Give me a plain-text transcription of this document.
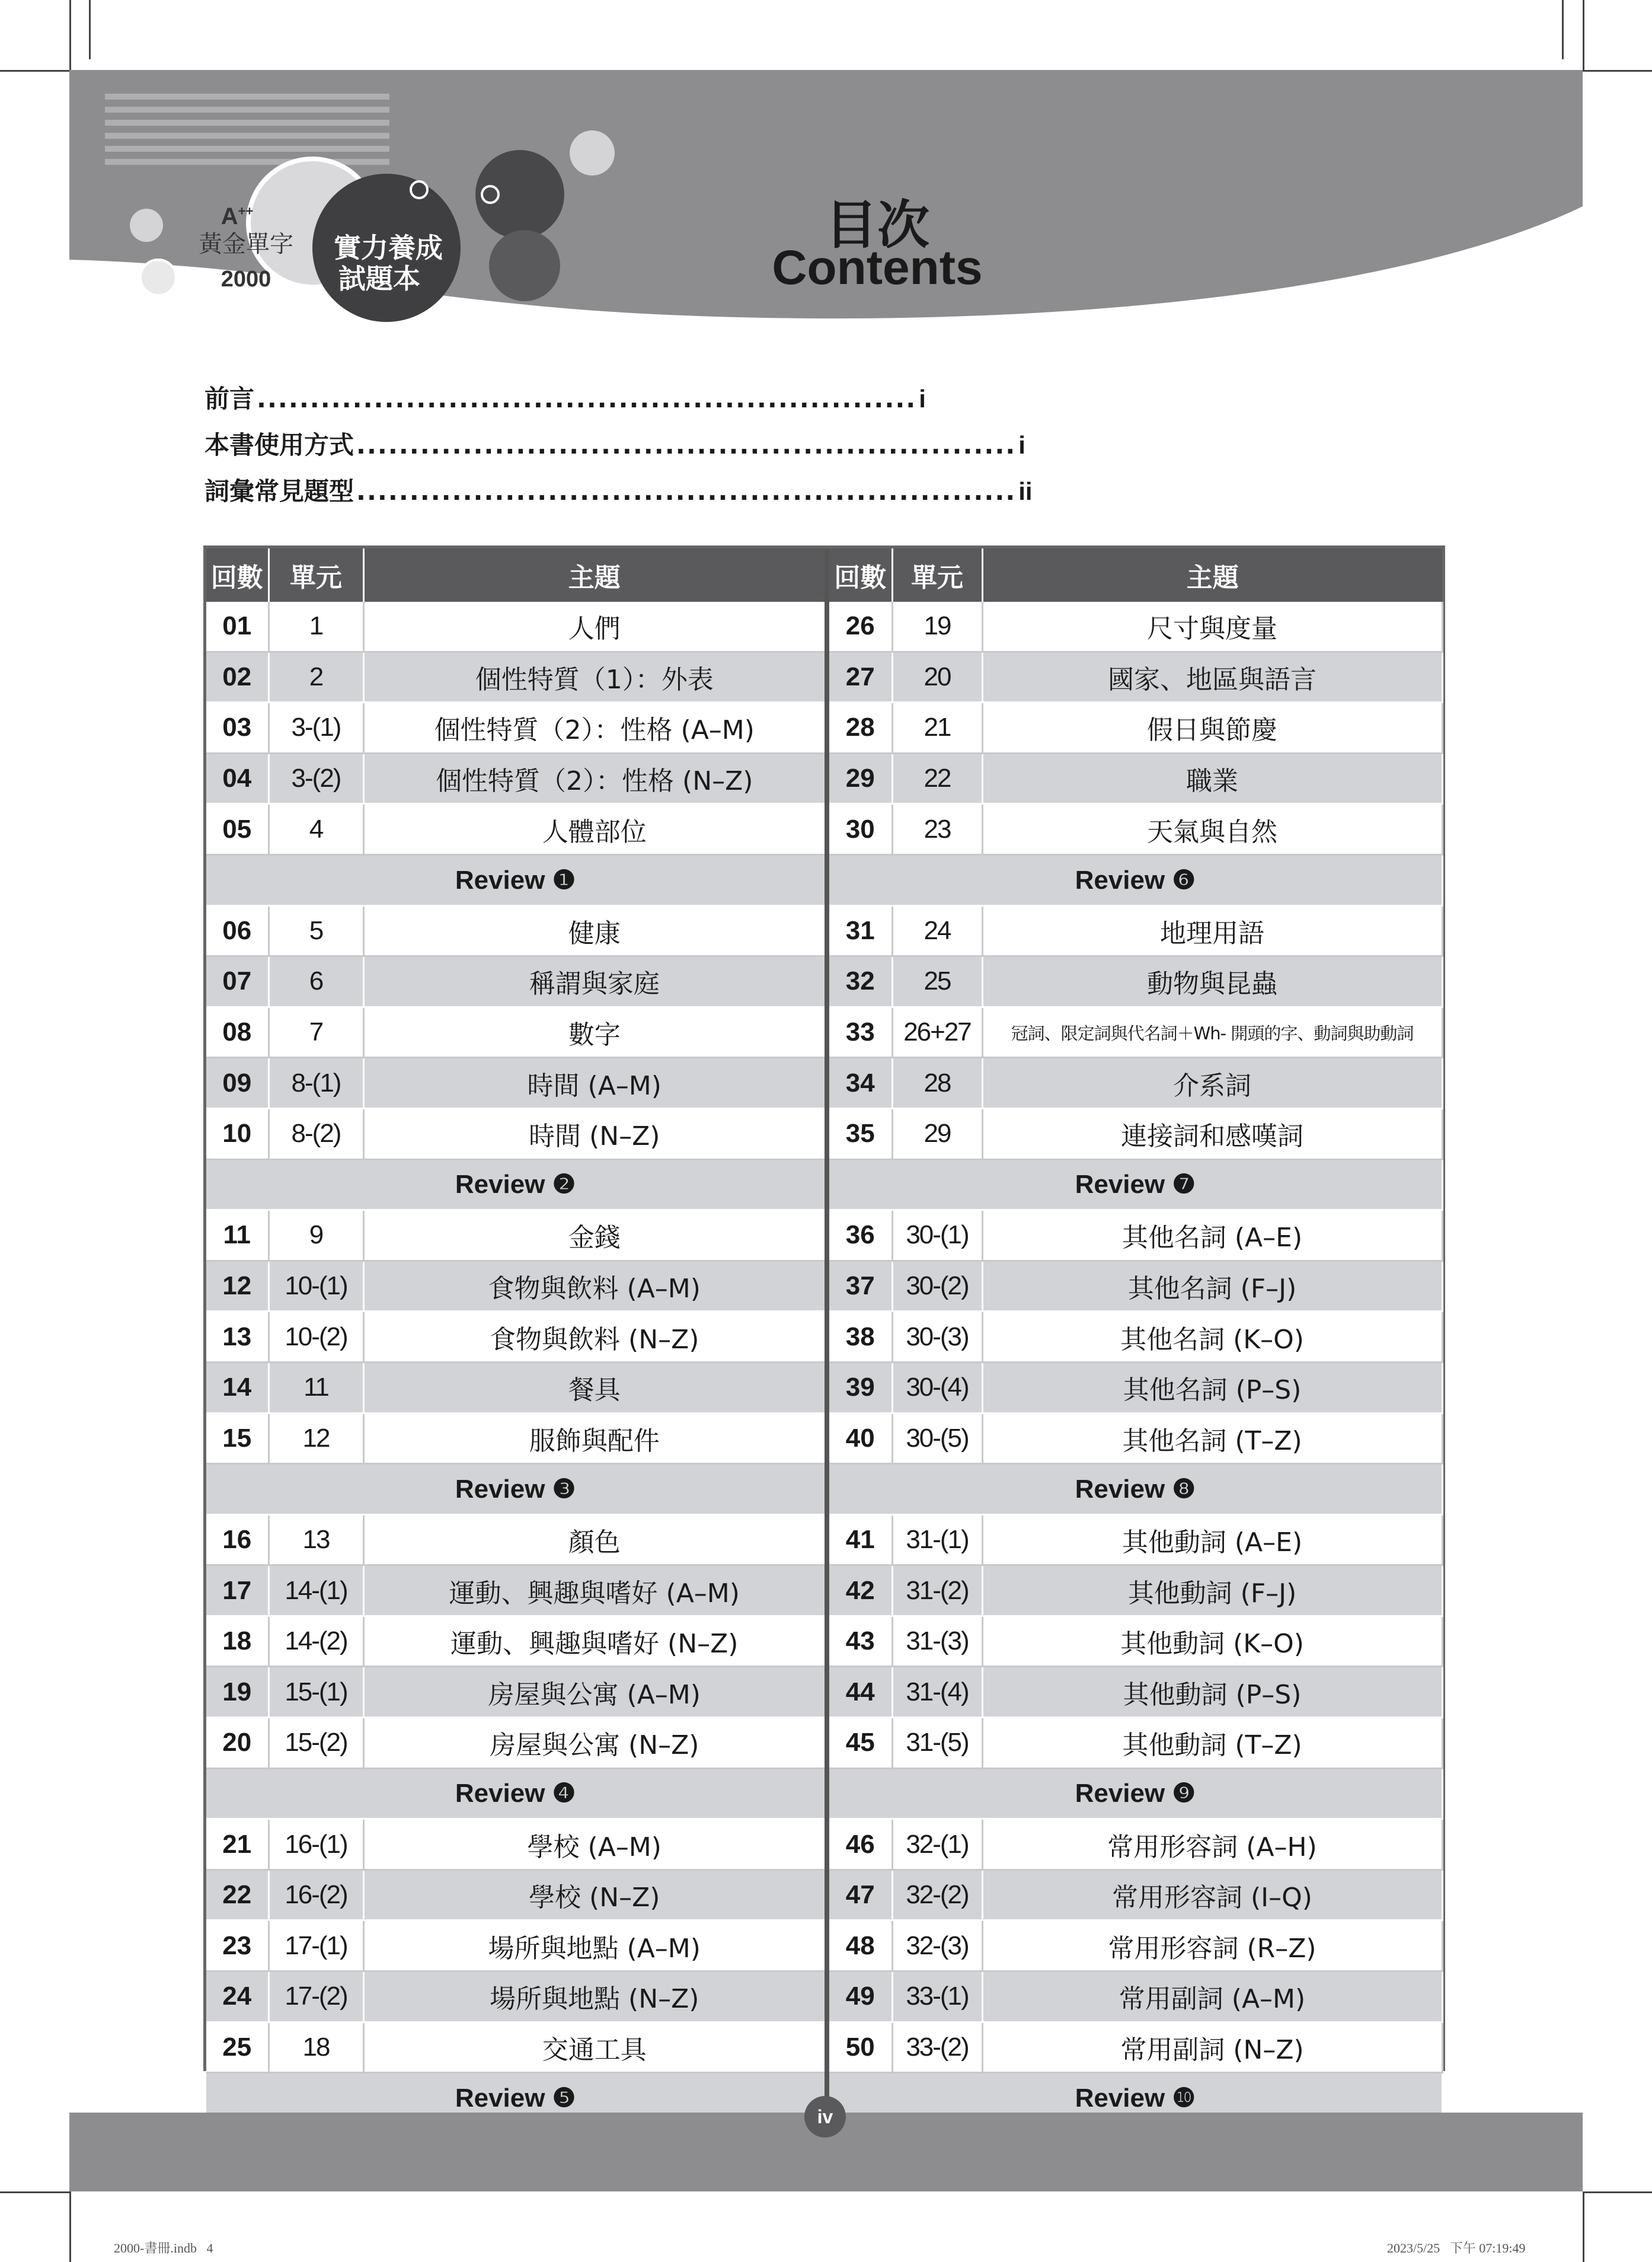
A++
黃金單字
2000
實力養成
試題本
目次
Contents
前言 .............................................................. i
本書使用方式 .............................................................. i
詞彙常見題型 .............................................................. ii
回數	單元	主題	回數	單元	主題
01	1	人們	26	19	尺寸與度量
02	2	個性特質（1）：外表	27	20	國家、地區與語言
03	3-(1)	個性特質（2）：性格 (A–M)	28	21	假日與節慶
04	3-(2)	個性特質（2）：性格 (N–Z)	29	22	職業
05	4	人體部位	30	23	天氣與自然
Review ❶			Review ❻		
06	5	健康	31	24	地理用語
07	6	稱謂與家庭	32	25	動物與昆蟲
08	7	數字	33	26+27	冠詞、限定詞與代名詞＋Wh- 開頭的字、動詞與助動詞
09	8-(1)	時間 (A–M)	34	28	介系詞
10	8-(2)	時間 (N–Z)	35	29	連接詞和感嘆詞
Review ❷			Review ❼		
11	9	金錢	36	30-(1)	其他名詞 (A–E)
12	10-(1)	食物與飲料 (A–M)	37	30-(2)	其他名詞 (F–J)
13	10-(2)	食物與飲料 (N–Z)	38	30-(3)	其他名詞 (K–O)
14	11	餐具	39	30-(4)	其他名詞 (P–S)
15	12	服飾與配件	40	30-(5)	其他名詞 (T–Z)
Review ❸			Review ❽		
16	13	顏色	41	31-(1)	其他動詞 (A–E)
17	14-(1)	運動、興趣與嗜好 (A–M)	42	31-(2)	其他動詞 (F–J)
18	14-(2)	運動、興趣與嗜好 (N–Z)	43	31-(3)	其他動詞 (K–O)
19	15-(1)	房屋與公寓 (A–M)	44	31-(4)	其他動詞 (P–S)
20	15-(2)	房屋與公寓 (N–Z)	45	31-(5)	其他動詞 (T–Z)
Review ❹			Review ❾		
21	16-(1)	學校 (A–M)	46	32-(1)	常用形容詞 (A–H)
22	16-(2)	學校 (N–Z)	47	32-(2)	常用形容詞 (I–Q)
23	17-(1)	場所與地點 (A–M)	48	32-(3)	常用形容詞 (R–Z)
24	17-(2)	場所與地點 (N–Z)	49	33-(1)	常用副詞 (A–M)
25	18	交通工具	50	33-(2)	常用副詞 (N–Z)
Review ❺			Review ❿		
iv
2000-書冊.indb   4	2023/5/25   下午 07:19:49
